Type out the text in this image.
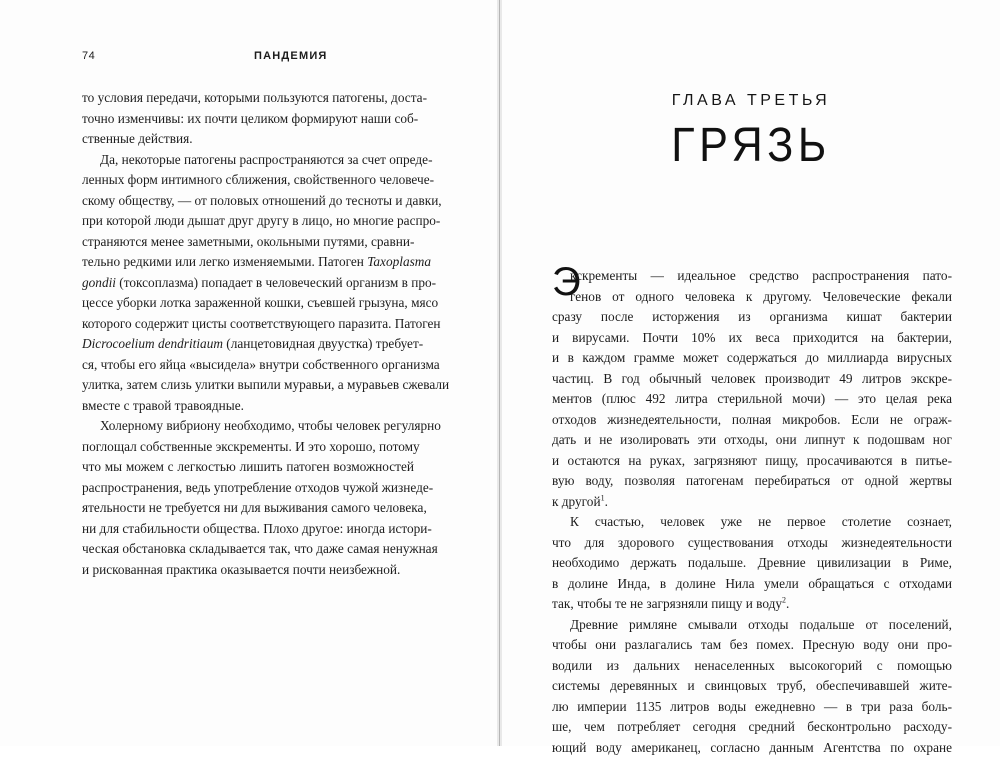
74	ПАНДЕМИЯ
то условия передачи, которыми пользуются патогены, доста-
точно изменчивы: их почти целиком формируют наши соб-
ственные действия.
Да, некоторые патогены распространяются за счет опреде-
ленных форм интимного сближения, свойственного человече-
скому обществу, — от половых отношений до тесноты и давки,
при которой люди дышат друг другу в лицо, но многие распро-
страняются менее заметными, окольными путями, сравни-
тельно редкими или легко изменяемыми. Патоген Taxoplasma
gondii (токсоплазма) попадает в человеческий организм в про-
цессе уборки лотка зараженной кошки, съевшей грызуна, мясо
которого содержит цисты соответствующего паразита. Патоген
Dicrocoelium dendritiaum (ланцетовидная двуустка) требует-
ся, чтобы его яйца «высидела» внутри собственного организма
улитка, затем слизь улитки выпили муравьи, а муравьев сжевали
вместе с травой травоядные.
Холерному вибриону необходимо, чтобы человек регулярно
поглощал собственные экскременты. И это хорошо, потому
что мы можем с легкостью лишить патоген возможностей
распространения, ведь употребление отходов чужой жизнеде-
ятельности не требуется ни для выживания самого человека,
ни для стабильности общества. Плохо другое: иногда истори-
ческая обстановка складывается так, что даже самая ненужная
и рискованная практика оказывается почти неизбежной.
ГЛАВА ТРЕТЬЯ
ГРЯЗЬ
Э
кскременты — идеальное средство распространения пато-
генов от одного человека к другому. Человеческие фекали
сразу после исторжения из организма кишат бактерии
и вирусами. Почти 10% их веса приходится на бактерии,
и в каждом грамме может содержаться до миллиарда вирусных
частиц. В год обычный человек производит 49 литров экскре-
ментов (плюс 492 литра стерильной мочи) — это целая река
отходов жизнедеятельности, полная микробов. Если не ограж-
дать и не изолировать эти отходы, они липнут к подошвам ног
и остаются на руках, загрязняют пищу, просачиваются в питье-
вую воду, позволяя патогенам перебираться от одной жертвы
к другой$^1$.
К счастью, человек уже не первое столетие сознает,
что для здорового существования отходы жизнедеятельности
необходимо держать подальше. Древние цивилизации в Риме,
в долине Инда, в долине Нила умели обращаться с отходами
так, чтобы те не загрязняли пищу и воду$^2$.
Древние римляне смывали отходы подальше от поселений,
чтобы они разлагались там без помех. Пресную воду они про-
водили из дальних ненаселенных высокогорий с помощью
системы деревянных и свинцовых труб, обеспечивавшей жите-
лю империи 1135 литров воды ежедневно — в три раза боль-
ше, чем потребляет сегодня средний бесконтрольно расходу-
ющий воду американец, согласно данным Агентства по охране
